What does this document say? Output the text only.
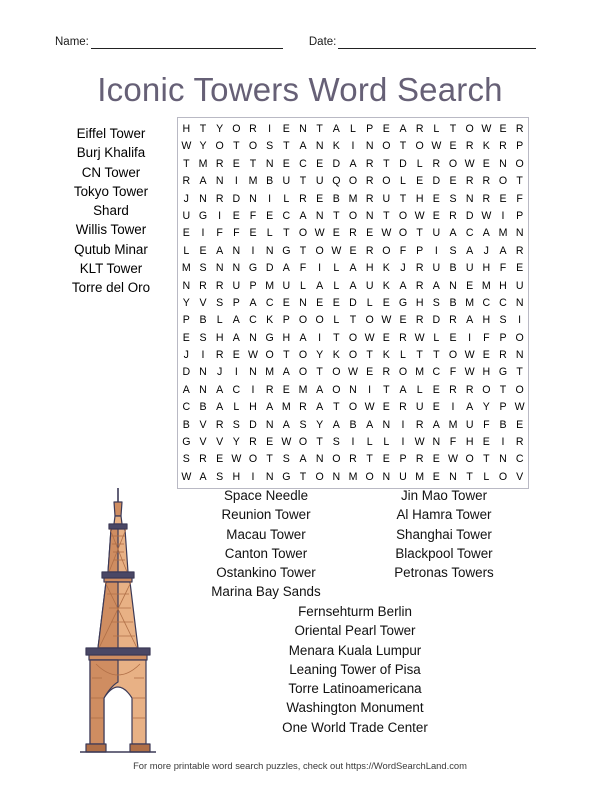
Name:	Date:
Iconic Towers Word Search
Eiffel Tower
Burj Khalifa
CN Tower
Tokyo Tower
Shard
Willis Tower
Qutub Minar
KLT Tower
Torre del Oro
H T Y O R	I	E N T A L P E A R L T O W E R
W Y O T O S T A N K	I	N O T O W E R K R P
T M R E T N E C E D A R T D L R O W E N O
R A N	I	M B U T U Q O R O L E D E R R O T
J N R D N	I	L R E B M R U T H E S N R E F
U G	I	E F E C A N T O N T O W E R D W I	P
E	I	F F E L T O W E R E W O T U A C A M N
L E A N	I	N G T O W E R O F P	I	S A J A R
M S N N G D A F	I	L A H K J R U B U H F E
N R R U P M U L A L A U K A R A N E M H U
Y V S P A C E N E E D L E G H S B M C C N
P B L A C K P O O L T O W E R D R A H S	I
E S H A N G H A	I	T O W E R W L E	I	F P O
J	I	R E W O T O Y K O T K L T T O W E R N
D N J	I	N M A O T O W E R O M C F W H G T
A N A C	I	R E M A O N	I	T A L E R R O T O
C B A L H A M R A T O W E R U E	I	A Y P W
B V R S D N A S Y A B A N	I	R A M U F B E
G V V Y R E W O T S	I	L	L	I W N F H E	I	R
S R E W O T S A N O R T E P R E W O T N C
W A S H	I	N G T O N M O N U M E N T L O V
Space Needle
Reunion Tower
Macau Tower
Canton Tower
Ostankino Tower
Marina Bay Sands
Jin Mao Tower
Al Hamra Tower
Shanghai Tower
Blackpool Tower
Petronas Towers
Fernsehturm Berlin
Oriental Pearl Tower
Menara Kuala Lumpur
Leaning Tower of Pisa
Torre Latinoamericana
Washington Monument
One World Trade Center
For more printable word search puzzles, check out https://WordSearchLand.com
